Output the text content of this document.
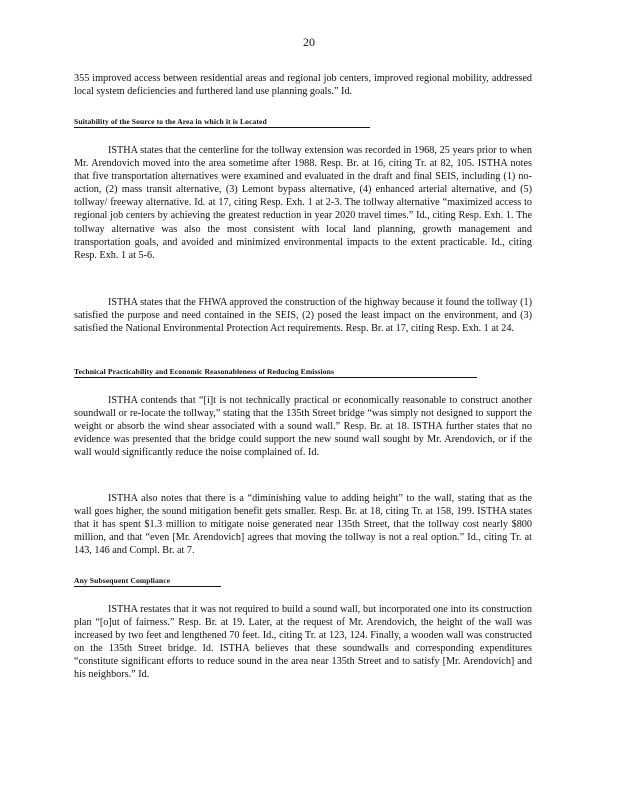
20

355 improved access between residential areas and regional job centers, improved regional mobility, addressed local system deficiencies and furthered land use planning goals.” Id.

Suitability of the Source to the Area in which it is Located

ISTHA states that the centerline for the tollway extension was recorded in 1968, 25 years prior to when Mr. Arendovich moved into the area sometime after 1988. Resp. Br. at 16, citing Tr. at 82, 105. ISTHA notes that five transportation alternatives were examined and evaluated in the draft and final SEIS, including (1) no-action, (2) mass transit alternative, (3) Lemont bypass alternative, (4) enhanced arterial alternative, and (5) tollway/ freeway alternative. Id. at 17, citing Resp. Exh. 1 at 2-3. The tollway alternative “maximized access to regional job centers by achieving the greatest reduction in year 2020 travel times.” Id., citing Resp. Exh. 1. The tollway alternative was also the most consistent with local land planning, growth management and transportation goals, and avoided and minimized environmental impacts to the extent practicable. Id., citing Resp. Exh. 1 at 5-6.

ISTHA states that the FHWA approved the construction of the highway because it found the tollway (1) satisfied the purpose and need contained in the SEIS, (2) posed the least impact on the environment, and (3) satisfied the National Environmental Protection Act requirements. Resp. Br. at 17, citing Resp. Exh. 1 at 24.

Technical Practicability and Economic Reasonableness of Reducing Emissions

ISTHA contends that “[i]t is not technically practical or economically reasonable to construct another soundwall or re-locate the tollway,” stating that the 135th Street bridge “was simply not designed to support the weight or absorb the wind shear associated with a sound wall.” Resp. Br. at 18. ISTHA further states that no evidence was presented that the bridge could support the new sound wall sought by Mr. Arendovich, or if the wall would significantly reduce the noise complained of. Id.

ISTHA also notes that there is a “diminishing value to adding height” to the wall, stating that as the wall goes higher, the sound mitigation benefit gets smaller. Resp. Br. at 18, citing Tr. at 158, 199. ISTHA states that it has spent $1.3 million to mitigate noise generated near 135th Street, that the tollway cost nearly $800 million, and that “even [Mr. Arendovich] agrees that moving the tollway is not a real option.” Id., citing Tr. at 143, 146 and Compl. Br. at 7.

Any Subsequent Compliance

ISTHA restates that it was not required to build a sound wall, but incorporated one into its construction plan “[o]ut of fairness.” Resp. Br. at 19. Later, at the request of Mr. Arendovich, the height of the wall was increased by two feet and lengthened 70 feet. Id., citing Tr. at 123, 124. Finally, a wooden wall was constructed on the 135th Street bridge. Id. ISTHA believes that these soundwalls and corresponding expenditures “constitute significant efforts to reduce sound in the area near 135th Street and to satisfy [Mr. Arendovich] and his neighbors.” Id.
